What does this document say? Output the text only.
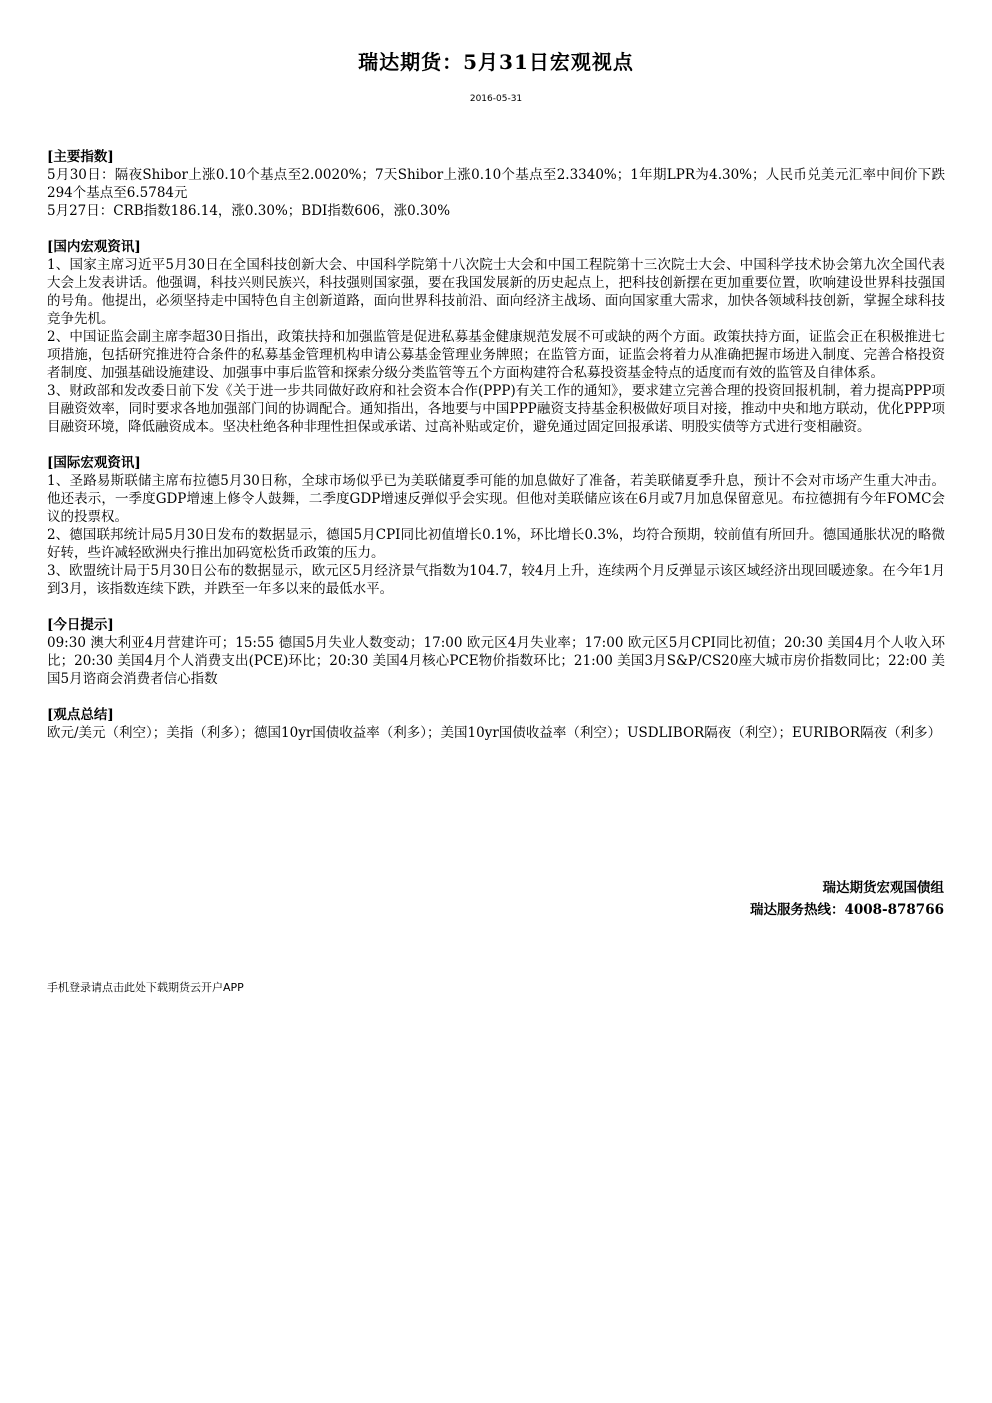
瑞达期货：5月31日宏观视点
2016-05-31
[主要指数]

5月30日：隔夜Shibor上涨0.10个基点至2.0020%；7天Shibor上涨0.10个基点至2.3340%；1年期LPR为4.30%；人民币兑美元汇率中间价下跌294个基点至6.5784元

5月27日：CRB指数186.14，涨0.30%；BDI指数606，涨0.30%

[国内宏观资讯]

1、国家主席习近平5月30日在全国科技创新大会、中国科学院第十八次院士大会和中国工程院第十三次院士大会、中国科学技术协会第九次全国代表大会上发表讲话。他强调，科技兴则民族兴，科技强则国家强，要在我国发展新的历史起点上，把科技创新摆在更加重要位置，吹响建设世界科技强国的号角。他提出，必须坚持走中国特色自主创新道路，面向世界科技前沿、面向经济主战场、面向国家重大需求，加快各领域科技创新，掌握全球科技竞争先机。

2、中国证监会副主席李超30日指出，政策扶持和加强监管是促进私募基金健康规范发展不可或缺的两个方面。政策扶持方面，证监会正在积极推进七项措施，包括研究推进符合条件的私募基金管理机构申请公募基金管理业务牌照；在监管方面，证监会将着力从准确把握市场进入制度、完善合格投资者制度、加强基础设施建设、加强事中事后监管和探索分级分类监管等五个方面构建符合私募投资基金特点的适度而有效的监管及自律体系。

3、财政部和发改委日前下发《关于进一步共同做好政府和社会资本合作(PPP)有关工作的通知》，要求建立完善合理的投资回报机制，着力提高PPP项目融资效率，同时要求各地加强部门间的协调配合。通知指出，各地要与中国PPP融资支持基金积极做好项目对接，推动中央和地方联动，优化PPP项目融资环境，降低融资成本。坚决杜绝各种非理性担保或承诺、过高补贴或定价，避免通过固定回报承诺、明股实债等方式进行变相融资。

[国际宏观资讯]

1、圣路易斯联储主席布拉德5月30日称，全球市场似乎已为美联储夏季可能的加息做好了准备，若美联储夏季升息，预计不会对市场产生重大冲击。他还表示，一季度GDP增速上修令人鼓舞，二季度GDP增速反弹似乎会实现。但他对美联储应该在6月或7月加息保留意见。布拉德拥有今年FOMC会议的投票权。

2、德国联邦统计局5月30日发布的数据显示，德国5月CPI同比初值增长0.1%，环比增长0.3%，均符合预期，较前值有所回升。德国通胀状况的略微好转，些许减轻欧洲央行推出加码宽松货币政策的压力。

3、欧盟统计局于5月30日公布的数据显示，欧元区5月经济景气指数为104.7，较4月上升，连续两个月反弹显示该区域经济出现回暖迹象。在今年1月到3月，该指数连续下跌，并跌至一年多以来的最低水平。

[今日提示]

09:30 澳大利亚4月营建许可；15:55 德国5月失业人数变动；17:00 欧元区4月失业率；17:00 欧元区5月CPI同比初值；20:30 美国4月个人收入环比；20:30 美国4月个人消费支出(PCE)环比；20:30 美国4月核心PCE物价指数环比；21:00 美国3月S&P/CS20座大城市房价指数同比；22:00 美国5月谘商会消费者信心指数

[观点总结]

欧元/美元（利空）；美指（利多）；德国10yr国债收益率（利多）；美国10yr国债收益率（利空）；USDLIBOR隔夜（利空）；EURIBOR隔夜（利多）

瑞达期货宏观国债组
瑞达服务热线：4008-878766
手机登录请点击此处下载期货云开户APP
